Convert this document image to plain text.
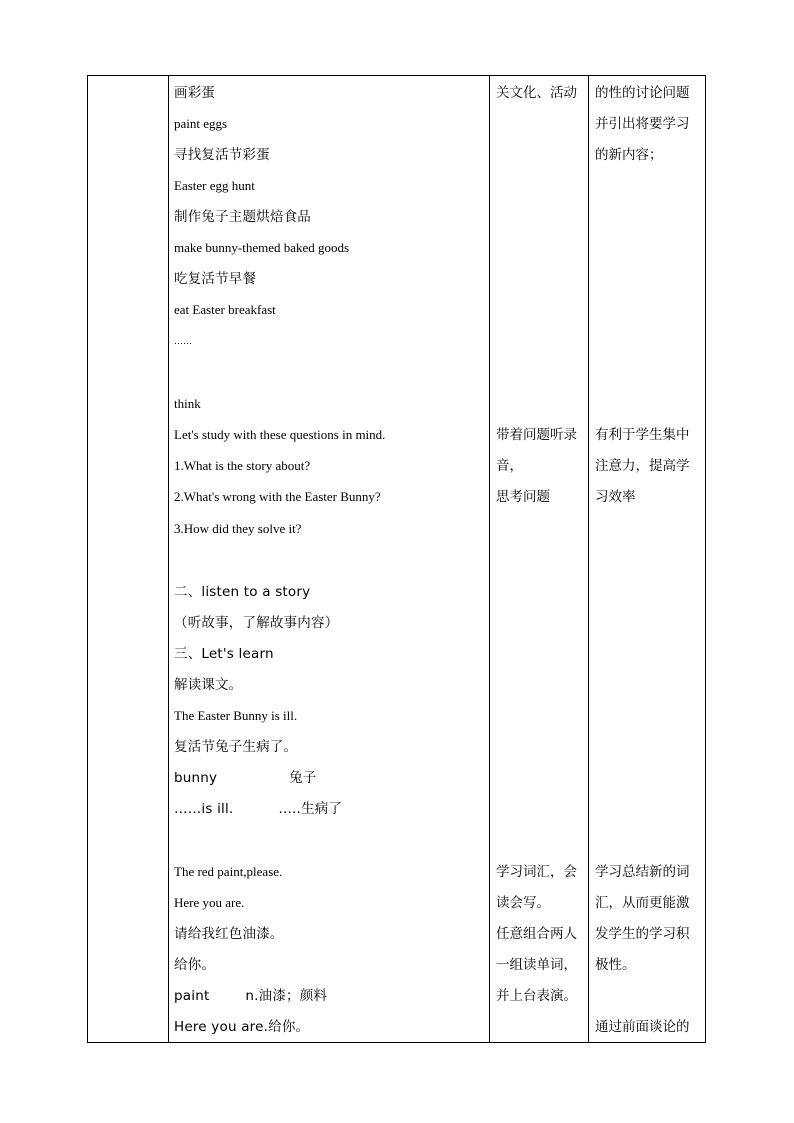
画彩蛋
paint eggs
寻找复活节彩蛋
Easter egg hunt
制作兔子主题烘焙食品
make bunny-themed baked goods
吃复活节早餐
eat Easter breakfast
……
think
Let's study with these questions in mind.
1.What is the story about?
2.What's wrong with the Easter Bunny?
3.How did they solve it?
二、listen to a story
（听故事，了解故事内容）
三、Let's learn
解读课文。
The Easter Bunny is ill.
复活节兔子生病了。
bunny                兔子
……is ill.          …..生病了
The red paint,please.
Here you are.
请给我红色油漆。
给你。
paint        n.油漆；颜料
Here you are.给你。
关文化、活动
带着问题听录
音，
思考问题
学习词汇，会
读会写。
任意组合两人
一组读单词，
并上台表演。
的性的讨论问题
并引出将要学习
的新内容；
有利于学生集中
注意力，提高学
习效率
学习总结新的词
汇，从而更能激
发学生的学习积
极性。
通过前面谈论的
